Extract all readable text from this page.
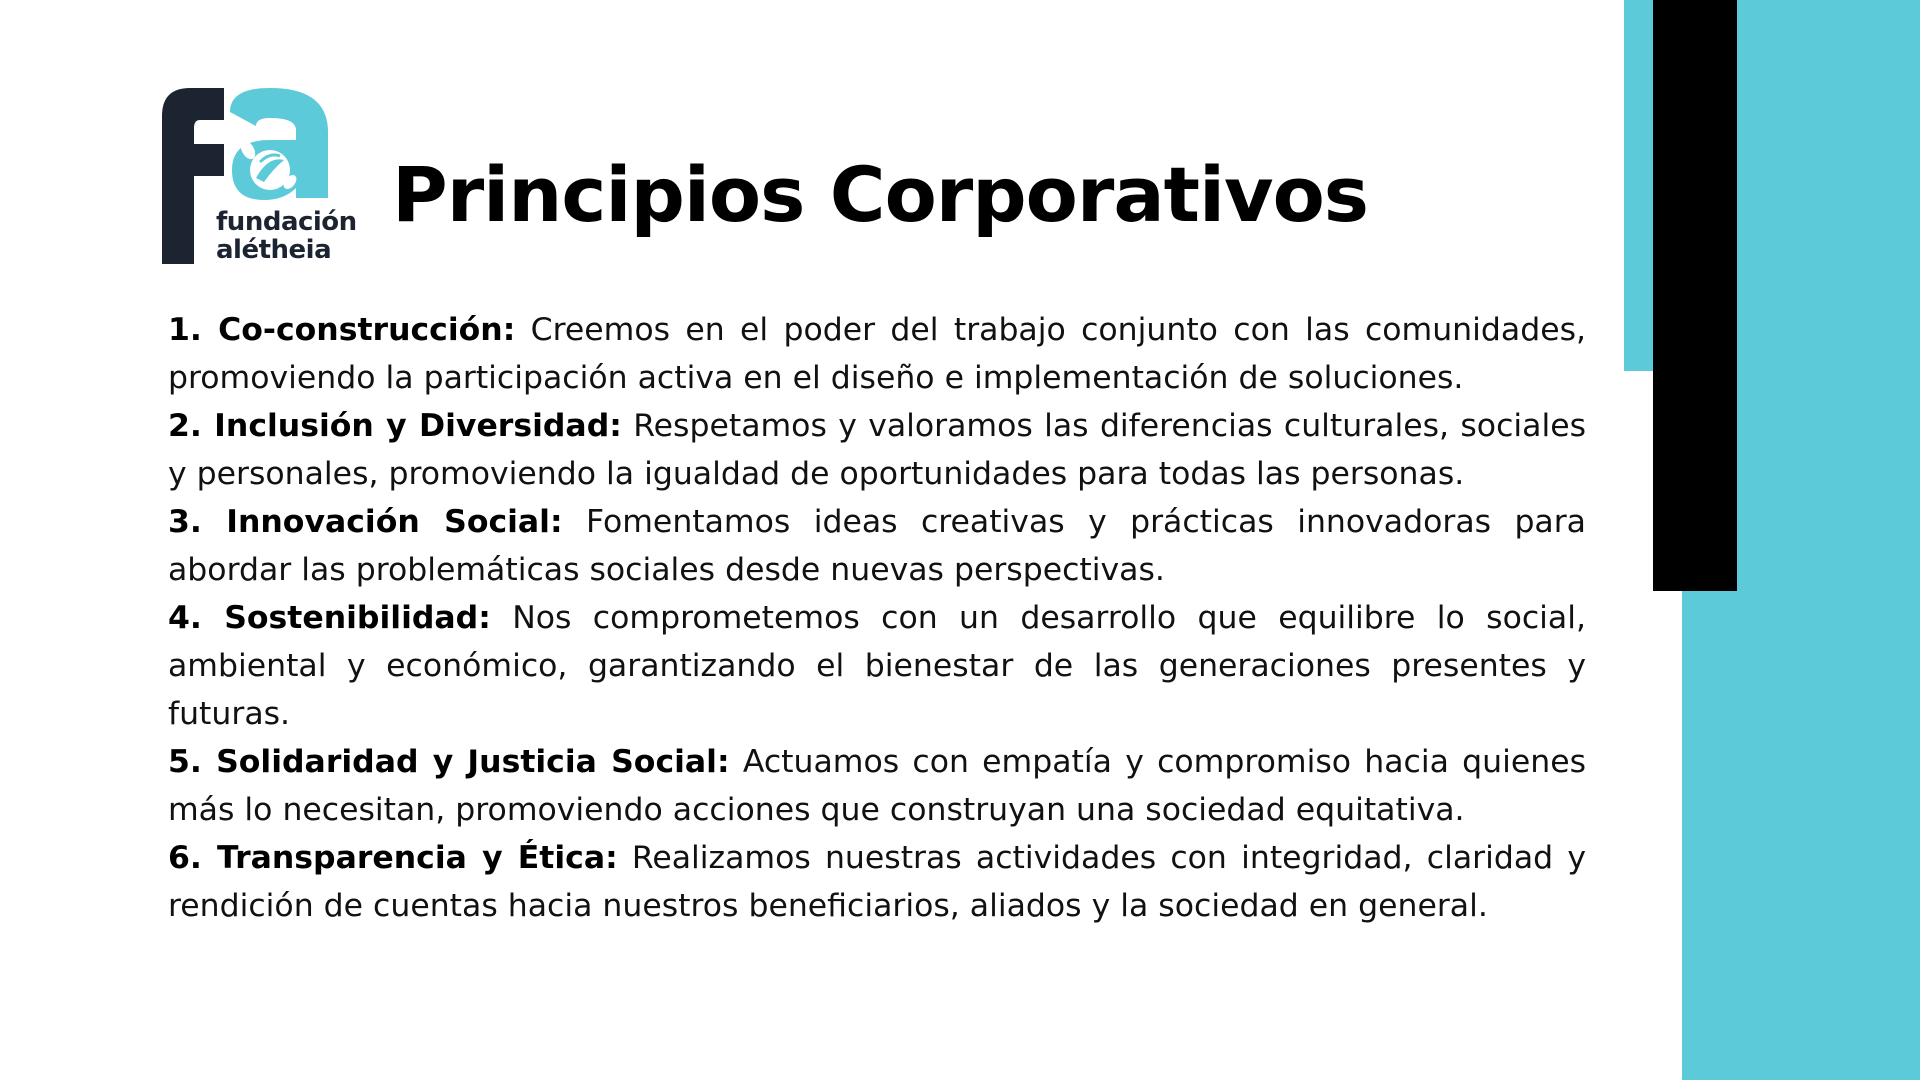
fundación
alétheia
Principios Corporativos
1. Co-construcción: Creemos en el poder del trabajo conjunto con las comunidades, promoviendo la participación activa en el diseño e implementación de soluciones.
2. Inclusión y Diversidad: Respetamos y valoramos las diferencias culturales, sociales y personales, promoviendo la igualdad de oportunidades para todas las personas.
3. Innovación Social: Fomentamos ideas creativas y prácticas innovadoras para abordar las problemáticas sociales desde nuevas perspectivas.
4. Sostenibilidad: Nos comprometemos con un desarrollo que equilibre lo social, ambiental y económico, garantizando el bienestar de las generaciones presentes y futuras.
5. Solidaridad y Justicia Social: Actuamos con empatía y compromiso hacia quienes más lo necesitan, promoviendo acciones que construyan una sociedad equitativa.
6. Transparencia y Ética: Realizamos nuestras actividades con integridad, claridad y rendición de cuentas hacia nuestros beneficiarios, aliados y la sociedad en general.
